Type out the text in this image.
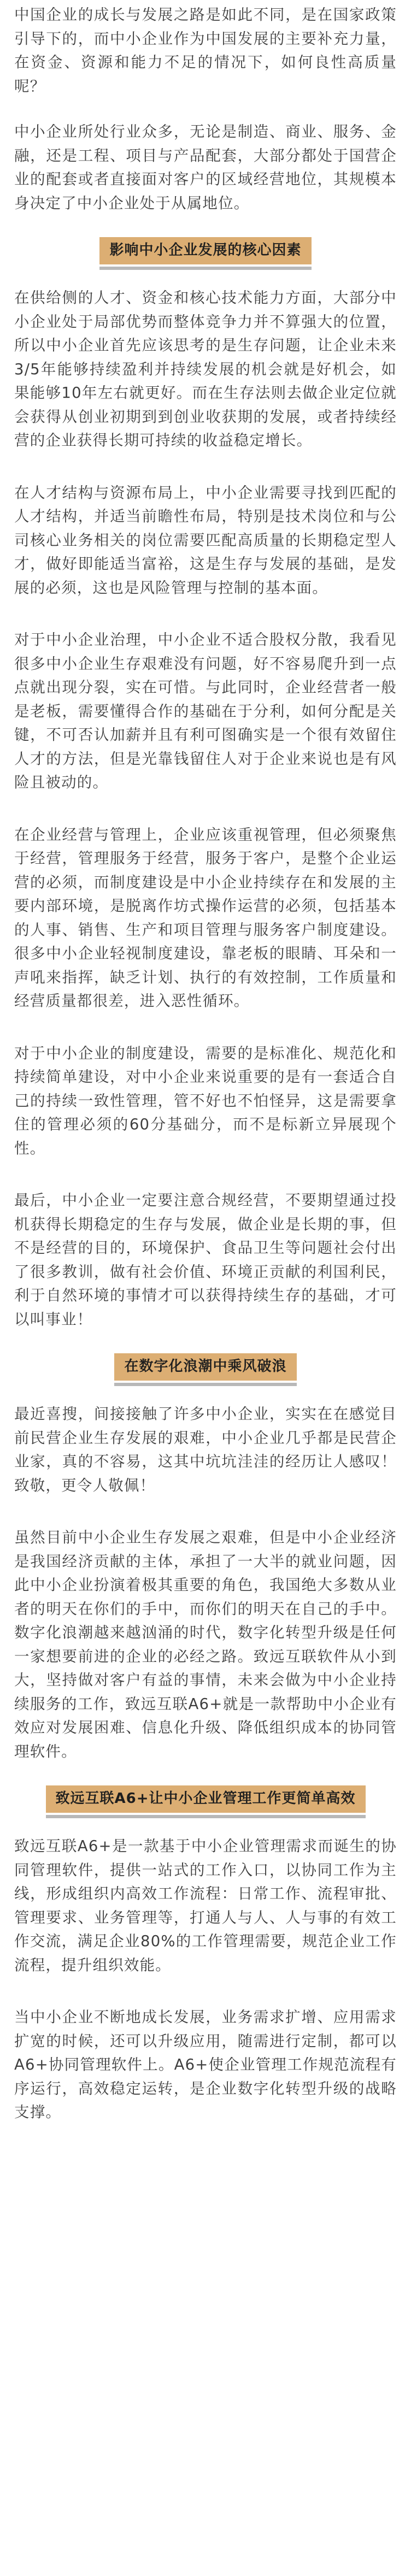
中国企业的成长与发展之路是如此不同，是在国家政策引导下的，而中小企业作为中国发展的主要补充力量，在资金、资源和能力不足的情况下，如何良性高质量呢？

中小企业所处行业众多，无论是制造、商业、服务、金融，还是工程、项目与产品配套，大部分都处于国营企业的配套或者直接面对客户的区域经营地位，其规模本身决定了中小企业处于从属地位。

影响中小企业发展的核心因素

在供给侧的人才、资金和核心技术能力方面，大部分中小企业处于局部优势而整体竞争力并不算强大的位置，所以中小企业首先应该思考的是生存问题，让企业未来3/5年能够持续盈利并持续发展的机会就是好机会，如果能够10年左右就更好。而在生存法则去做企业定位就会获得从创业初期到到创业收获期的发展，或者持续经营的企业获得长期可持续的收益稳定增长。

在人才结构与资源布局上，中小企业需要寻找到匹配的人才结构，并适当前瞻性布局，特别是技术岗位和与公司核心业务相关的岗位需要匹配高质量的长期稳定型人才，做好即能适当富裕，这是生存与发展的基础，是发展的必须，这也是风险管理与控制的基本面。

对于中小企业治理，中小企业不适合股权分散，我看见很多中小企业生存艰难没有问题，好不容易爬升到一点点就出现分裂，实在可惜。与此同时，企业经营者一般是老板，需要懂得合作的基础在于分利，如何分配是关键，不可否认加薪并且有利可图确实是一个很有效留住人才的方法，但是光靠钱留住人对于企业来说也是有风险且被动的。

在企业经营与管理上，企业应该重视管理，但必须聚焦于经营，管理服务于经营，服务于客户，是整个企业运营的必须，而制度建设是中小企业持续存在和发展的主要内部环境，是脱离作坊式操作运营的必须，包括基本的人事、销售、生产和项目管理与服务客户制度建设。很多中小企业轻视制度建设，靠老板的眼睛、耳朵和一声吼来指挥，缺乏计划、执行的有效控制，工作质量和经营质量都很差，进入恶性循环。

对于中小企业的制度建设，需要的是标准化、规范化和持续简单建设，对中小企业来说重要的是有一套适合自己的持续一致性管理，管不好也不怕怪异，这是需要拿住的管理必须的60分基础分，而不是标新立异展现个性。

最后，中小企业一定要注意合规经营，不要期望通过投机获得长期稳定的生存与发展，做企业是长期的事，但不是经营的目的，环境保护、食品卫生等问题社会付出了很多教训，做有社会价值、环境正贡献的利国利民，利于自然环境的事情才可以获得持续生存的基础，才可以叫事业！

在数字化浪潮中乘风破浪

最近喜搜，间接接触了许多中小企业，实实在在感觉目前民营企业生存发展的艰难，中小企业几乎都是民营企业家，真的不容易，这其中坑坑洼洼的经历让人感叹！致敬，更令人敬佩！

虽然目前中小企业生存发展之艰难，但是中小企业经济是我国经济贡献的主体，承担了一大半的就业问题，因此中小企业扮演着极其重要的角色，我国绝大多数从业者的明天在你们的手中，而你们的明天在自己的手中。数字化浪潮越来越汹涌的时代，数字化转型升级是任何一家想要前进的企业的必经之路。致远互联软件从小到大，坚持做对客户有益的事情，未来会做为中小企业持续服务的工作，致远互联A6+就是一款帮助中小企业有效应对发展困难、信息化升级、降低组织成本的协同管理软件。

致远互联A6+让中小企业管理工作更简单高效

致远互联A6+是一款基于中小企业管理需求而诞生的协同管理软件，提供一站式的工作入口，以协同工作为主线，形成组织内高效工作流程：日常工作、流程审批、管理要求、业务管理等，打通人与人、人与事的有效工作交流，满足企业80%的工作管理需要，规范企业工作流程，提升组织效能。

当中小企业不断地成长发展，业务需求扩增、应用需求扩宽的时候，还可以升级应用，随需进行定制，都可以A6+协同管理软件上。A6+使企业管理工作规范流程有序运行，高效稳定运转，是企业数字化转型升级的战略支撑。
